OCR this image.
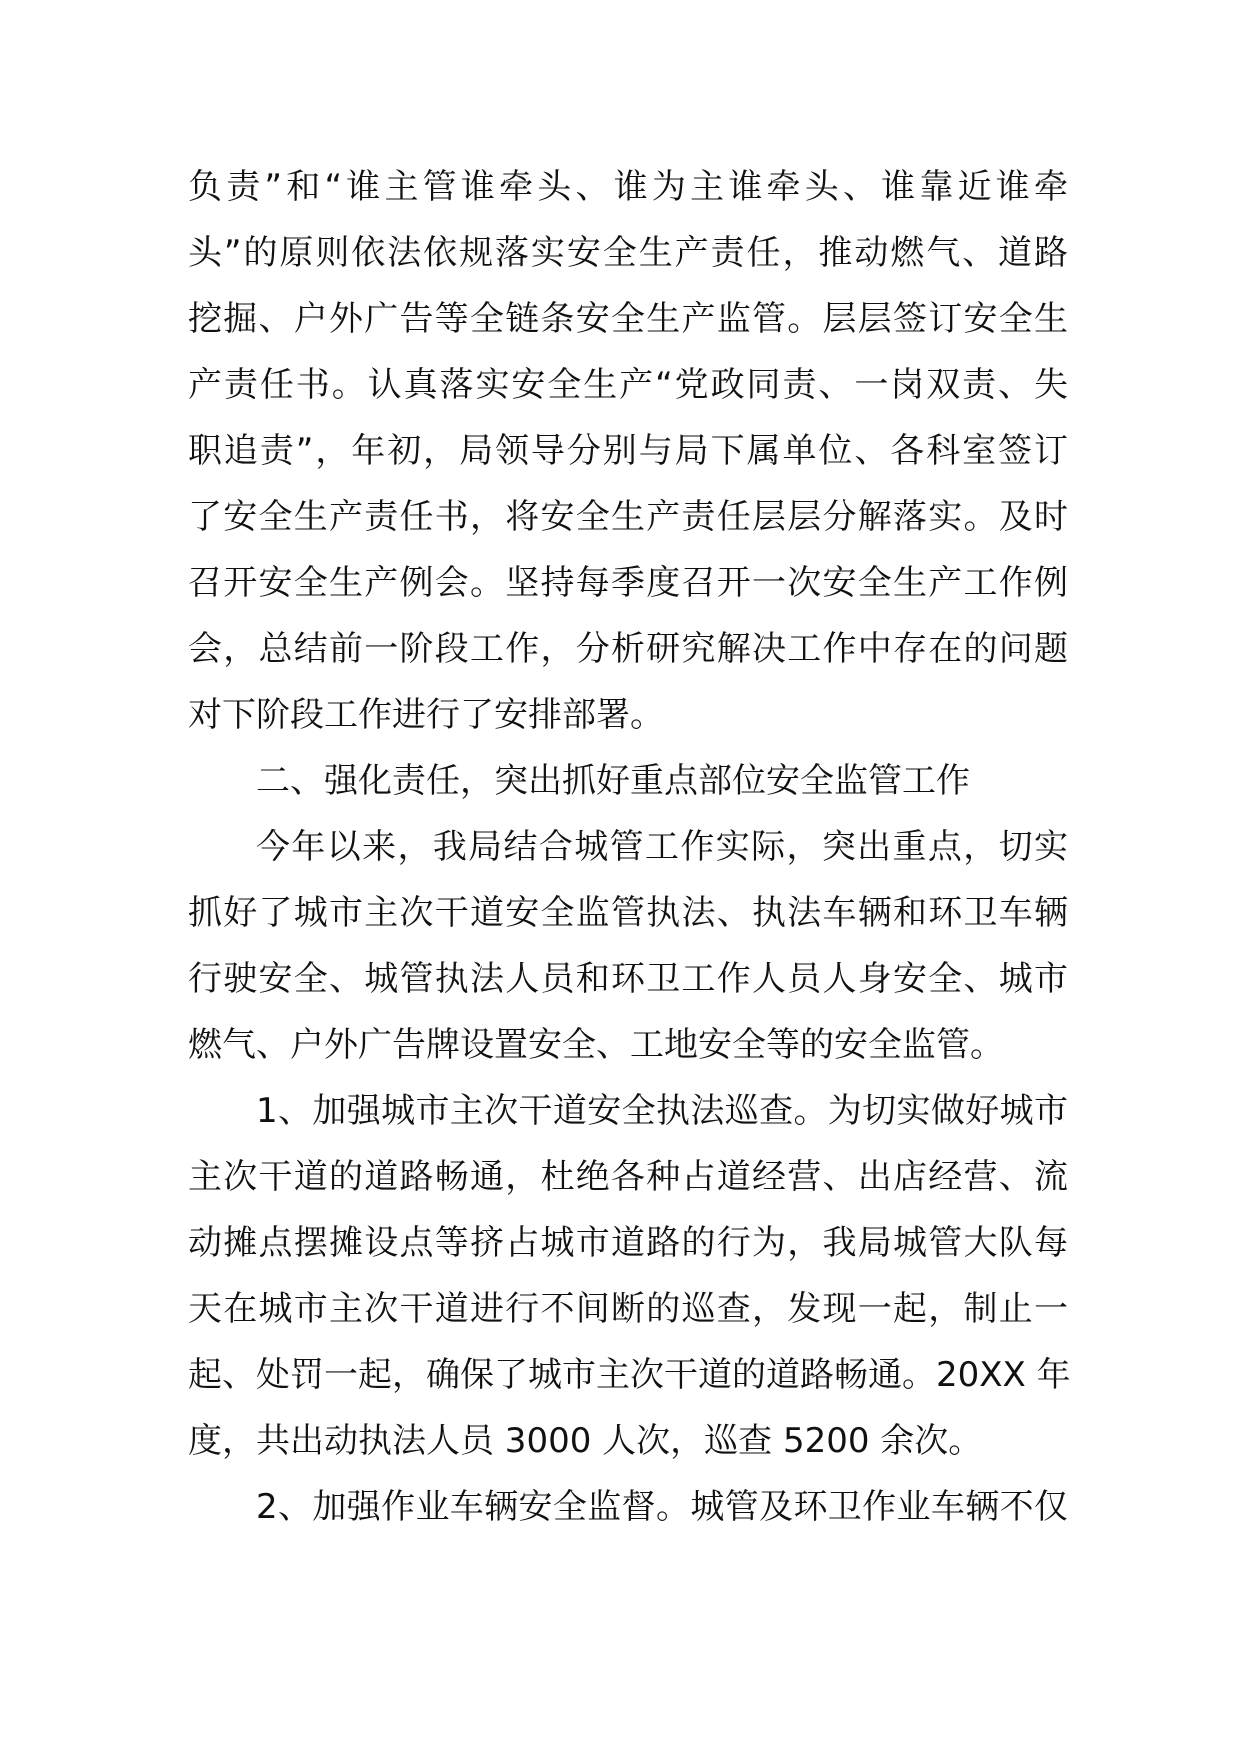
负责”和“谁主管谁牵头、谁为主谁牵头、谁靠近谁牵
头”的原则依法依规落实安全生产责任，推动燃气、道路
挖掘、户外广告等全链条安全生产监管。层层签订安全生
产责任书。认真落实安全生产“党政同责、一岗双责、失
职追责”，年初，局领导分别与局下属单位、各科室签订
了安全生产责任书，将安全生产责任层层分解落实。及时
召开安全生产例会。坚持每季度召开一次安全生产工作例
会，总结前一阶段工作，分析研究解决工作中存在的问题
对下阶段工作进行了安排部署。
二、强化责任，突出抓好重点部位安全监管工作
今年以来，我局结合城管工作实际，突出重点，切实
抓好了城市主次干道安全监管执法、执法车辆和环卫车辆
行驶安全、城管执法人员和环卫工作人员人身安全、城市
燃气、户外广告牌设置安全、工地安全等的安全监管。
1、加强城市主次干道安全执法巡查。为切实做好城市
主次干道的道路畅通，杜绝各种占道经营、出店经营、流
动摊点摆摊设点等挤占城市道路的行为，我局城管大队每
天在城市主次干道进行不间断的巡查，发现一起，制止一
起、处罚一起，确保了城市主次干道的道路畅通。20XX 年
度，共出动执法人员 3000 人次，巡查 5200 余次。
2、加强作业车辆安全监督。城管及环卫作业车辆不仅
